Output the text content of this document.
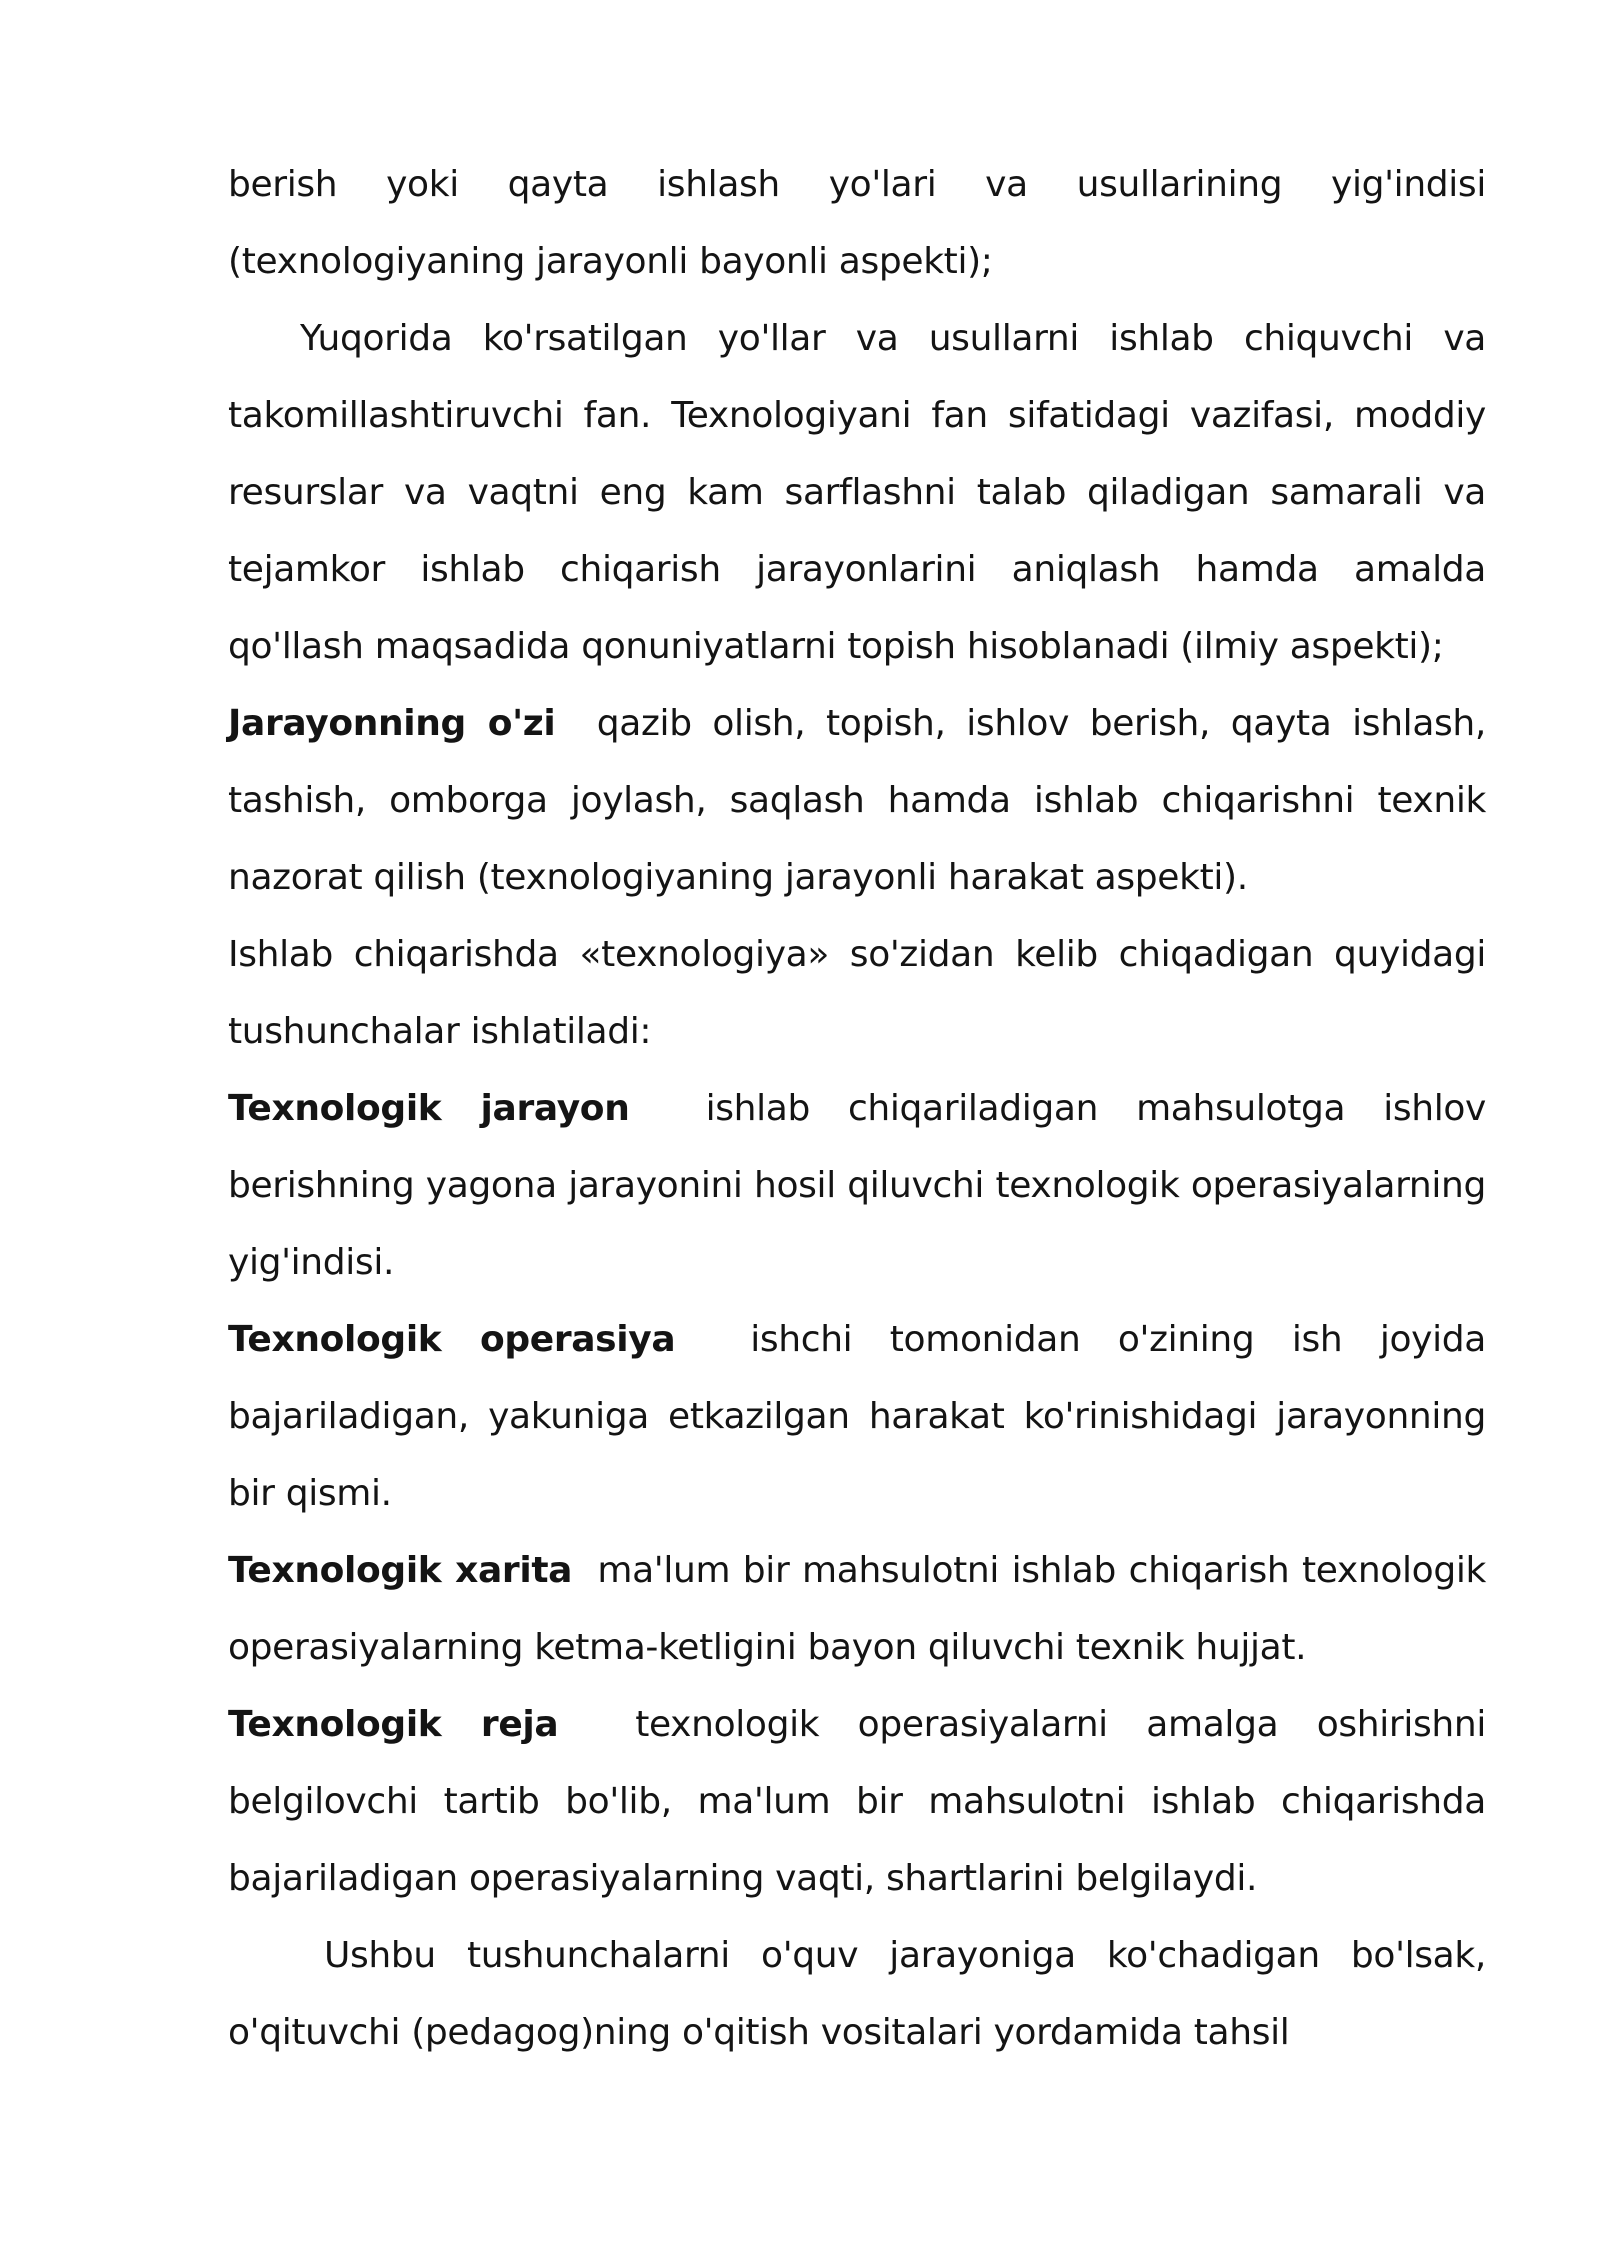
berish yoki qayta ishlash yo'lari va usullarining yig'indisi (texnologiyaning jarayonli bayonli aspekti);

Yuqorida ko'rsatilgan yo'llar va usullarni ishlab chiquvchi va takomillashtiruvchi fan. Texnologiyani fan sifatidagi vazifasi, moddiy resurslar va vaqtni eng kam sarflashni talab qiladigan samarali va tejamkor ishlab chiqarish jarayonlarini aniqlash hamda amalda qo'llash maqsadida qonuniyatlarni topish hisoblanadi (ilmiy aspekti);

Jarayonning o'zi qazib olish, topish, ishlov berish, qayta ishlash, tashish, omborga joylash, saqlash hamda ishlab chiqarishni texnik nazorat qilish (texnologiyaning jarayonli harakat aspekti).

Ishlab chiqarishda «texnologiya» so'zidan kelib chiqadigan quyidagi tushunchalar ishlatiladi:

Texnologik jarayon ishlab chiqariladigan mahsulotga ishlov berishning yagona jarayonini hosil qiluvchi texnologik operasiyalarning yig'indisi.

Texnologik operasiya ishchi tomonidan o'zining ish joyida bajariladigan, yakuniga etkazilgan harakat ko'rinishidagi jarayonning bir qismi.

Texnologik xarita ma'lum bir mahsulotni ishlab chiqarish texnologik operasiyalarning ketma-ketligini bayon qiluvchi texnik hujjat.

Texnologik reja texnologik operasiyalarni amalga oshirishni belgilovchi tartib bo'lib, ma'lum bir mahsulotni ishlab chiqarishda bajariladigan operasiyalarning vaqti, shartlarini belgilaydi.

Ushbu tushunchalarni o'quv jarayoniga ko'chadigan bo'lsak, o'qituvchi (pedagog)ning o'qitish vositalari yordamida tahsil
